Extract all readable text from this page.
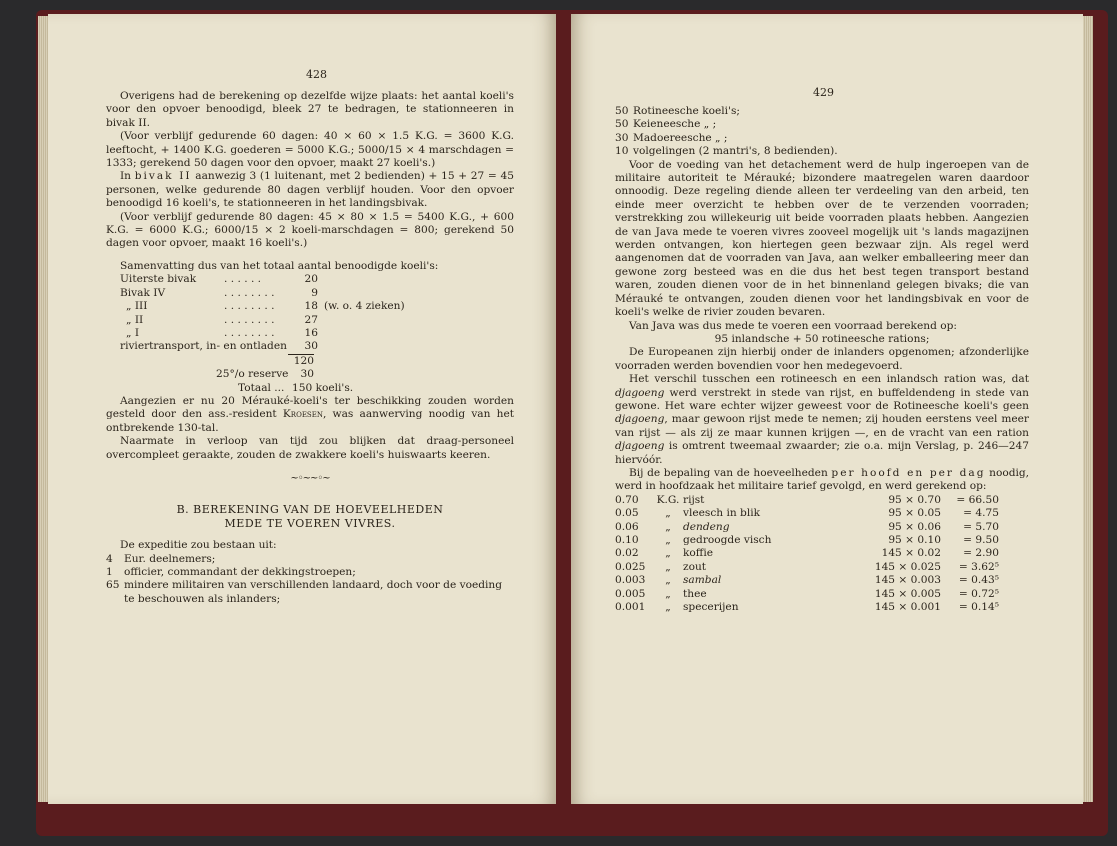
428

Overigens had de berekening op dezelfde wijze plaats: het aantal koeli's voor den opvoer benoodigd, bleek 27 te bedragen, te stationneeren in bivak II.

(Voor verblijf gedurende 60 dagen: 40 × 60 × 1.5 K.G. = 3600 K.G. leeftocht, + 1400 K.G. goederen = 5000 K.G.; 5000/15 × 4 marschdagen = 1333; gerekend 50 dagen voor den opvoer, maakt 27 koeli's.)

In bivak II aanwezig 3 (1 luitenant, met 2 bedienden) + 15 + 27 = 45 personen, welke gedurende 80 dagen verblijf houden. Voor den opvoer benoodigd 16 koeli's, te stationneeren in het landingsbivak.

(Voor verblijf gedurende 80 dagen: 45 × 80 × 1.5 = 5400 K.G., + 600 K.G. = 6000 K.G.; 6000/15 × 2 koeli-marschdagen = 800; gerekend 50 dagen voor opvoer, maakt 16 koeli's.)

Samenvatting dus van het totaal aantal benoodigde koeli's:

Uiterste bivak	. . . . . .	20
Bivak IV	. . . . . . . .	9
„ III	. . . . . . . .	18 (w. o. 4 zieken)
„ II	. . . . . . . .	27
„ I	. . . . . . . .	16
riviertransport, in- en ontladen	30
120
25°/o reserve	30
Totaal ... 150 koeli's.

Aangezien er nu 20 Mérauké-koeli's ter beschikking zouden worden gesteld door den ass.-resident Kroesen, was aanwerving noodig van het ontbrekende 130-tal.

Naarmate in verloop van tijd zou blijken dat draag-personeel overcompleet geraakte, zouden de zwakkere koeli's huiswaarts keeren.

~◦~~◦~
B. BEREKENING VAN DE HOEVEELHEDEN
MEDE TE VOEREN VIVRES.

De expeditie zou bestaan uit:

4	Eur. deelnemers;
1	officier, commandant der dekkingstroepen;
65 mindere militairen van verschillenden landaard, doch voor de voeding te beschouwen als inlanders;
429
50 Rotineesche koeli's;
50 Keieneesche „ ;
30 Madoereesche „ ;
10 volgelingen (2 mantri's, 8 bedienden).

Voor de voeding van het detachement werd de hulp ingeroepen van de militaire autoriteit te Mérauké; bizondere maatregelen waren daardoor onnoodig. Deze regeling diende alleen ter verdeeling van den arbeid, ten einde meer overzicht te hebben over de te verzenden voorraden; verstrekking zou willekeurig uit beide voorraden plaats hebben. Aangezien de van Java mede te voeren vivres zooveel mogelijk uit 's lands magazijnen werden ontvangen, kon hiertegen geen bezwaar zijn. Als regel werd aangenomen dat de voorraden van Java, aan welker emballeering meer dan gewone zorg besteed was en die dus het best tegen transport bestand waren, zouden dienen voor de in het binnenland gelegen bivaks; die van Mérauké te ontvangen, zouden dienen voor het landingsbivak en voor de koeli's welke de rivier zouden bevaren.

Van Java was dus mede te voeren een voorraad berekend op:

95 inlandsche + 50 rotineesche rations;

De Europeanen zijn hierbij onder de inlanders opgenomen; afzonderlijke voorraden werden bovendien voor hen medegevoerd.

Het verschil tusschen een rotineesch en een inlandsch ration was, dat djagoeng werd verstrekt in stede van rijst, en buffeldendeng in stede van gewone. Het ware echter wijzer geweest voor de Rotineesche koeli's geen djagoeng, maar gewoon rijst mede te nemen; zij houden eerstens veel meer van rijst — als zij ze maar kunnen krijgen —, en de vracht van een ration djagoeng is omtrent tweemaal zwaarder; zie o.a. mijn Verslag, p. 246—247 hiervóór.

Bij de bepaling van de hoeveelheden per hoofd en per dag noodig, werd in hoofdzaak het militaire tarief gevolgd, en werd gerekend op:

0.70	K.G. rijst	95 × 0.70	= 66.50
0.05	„	vleesch in blik	95 × 0.05	= 4.75
0.06	„	dendeng	95 × 0.06	= 5.70
0.10	„	gedroogde visch	95 × 0.10	= 9.50
0.02	„	koffie	145 × 0.02	= 2.90
0.025	„	zout	145 × 0.025	= 3.62⁵
0.003	„	sambal	145 × 0.003	= 0.43⁵
0.005	„	thee	145 × 0.005	= 0.72⁵
0.001	„	specerijen	145 × 0.001	= 0.14⁵
